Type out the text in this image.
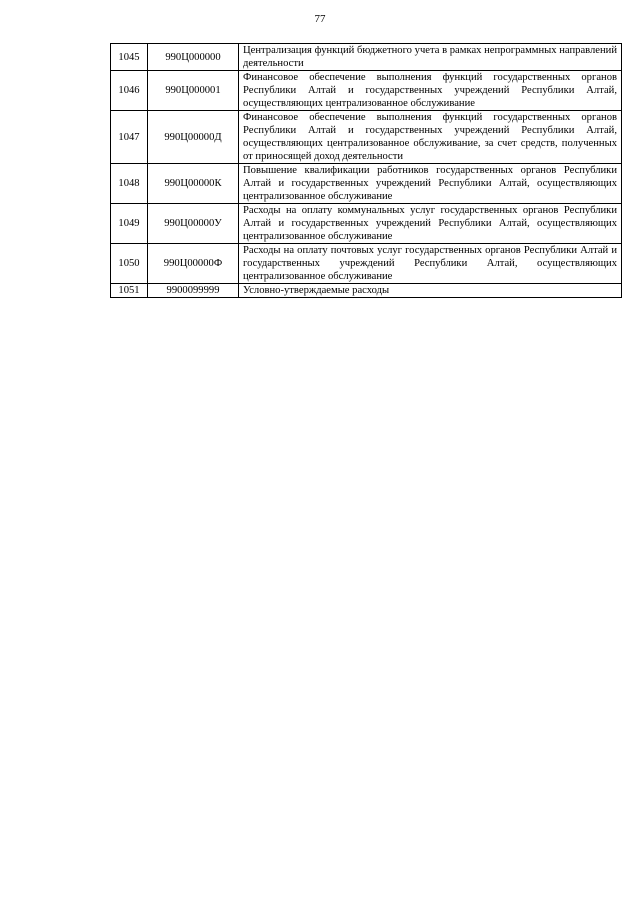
77
1045	990Ц000000	Централизация функций бюджетного учета в рамках непрограммных направлений деятельности
1046	990Ц000001	Финансовое обеспечение выполнения функций государственных органов Республики Алтай и государственных учреждений Республики Алтай, осуществляющих централизованное обслуживание
1047	990Ц00000Д	Финансовое обеспечение выполнения функций государственных органов Республики Алтай и государственных учреждений Республики Алтай, осуществляющих централизованное обслуживание, за счет средств, полученных от приносящей доход деятельности
1048	990Ц00000К	Повышение квалификации работников государственных органов Республики Алтай и государственных учреждений Республики Алтай, осуществляющих централизованное обслуживание
1049	990Ц00000У	Расходы на оплату коммунальных услуг государственных органов Республики Алтай и государственных учреждений Республики Алтай, осуществляющих централизованное обслуживание
1050	990Ц00000Ф	Расходы на оплату почтовых услуг государственных органов Республики Алтай и государственных учреждений Республики Алтай, осуществляющих централизованное обслуживание
1051	9900099999	Условно-утверждаемые расходы
